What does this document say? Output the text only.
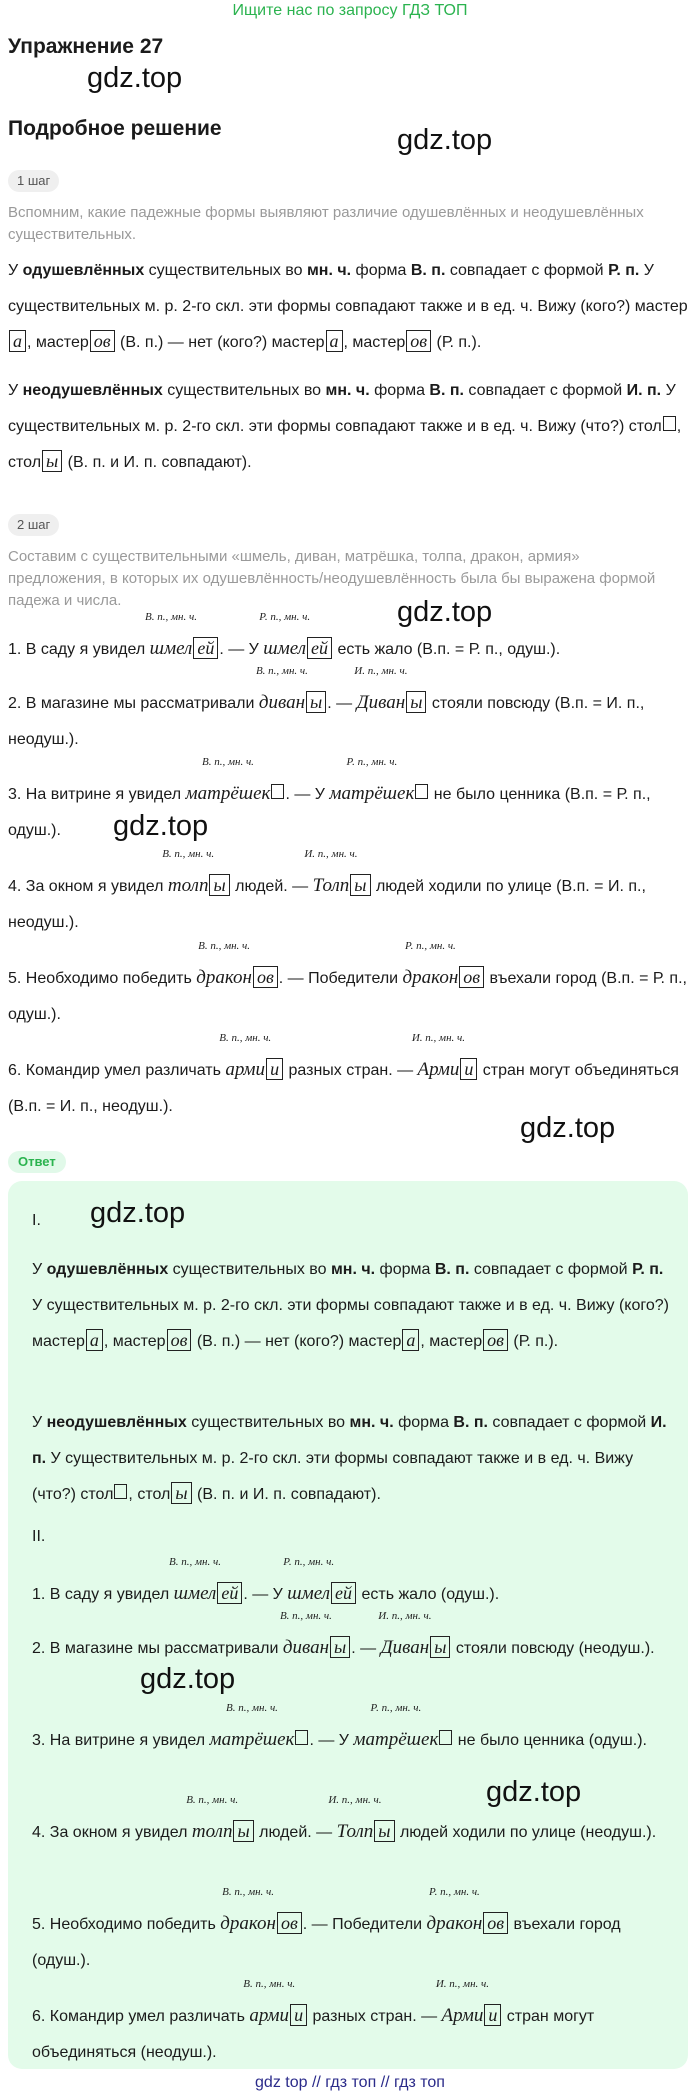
Ищите нас по запросу ГДЗ ТОП
Упражнение 27
gdz.top
Подробное решение	gdz.top
1 шаг
Вспомним, какие падежные формы выявляют различие одушевлённых и неодушевлённых существительных.
У одушевлённых существительных во мн. ч. форма В. п. совпадает с формой Р. п. У существительных м. р. 2-го скл. эти формы совпадают также и в ед. ч. Вижу (кого?) мастера , мастер ов (В. п.) — нет (кого?) мастер а , мастер ов (Р. п.).
У неодушевлённых существительных во мн. ч. форма В. п. совпадает с формой И. п. У существительных м. р. 2-го скл. эти формы совпадают также и в ед. ч. Вижу (что?) стол , стол ы (В. п. и И. п. совпадают).
2 шаг
Составим с существительными «шмель, диван, матрёшка, толпа, дракон, армия» предложения, в которых их одушевлённость/неодушевлённость была бы выражена формой падежа и числа.	gdz.top
1. В саду я увидел
В. п., мн. ч.
шмел ей . — У
Р. п., мн. ч.
шмел ей есть жало (В.п. = Р. п., одуш.).
2. В магазине мы рассматривали
В. п., мн. ч.
диван ы . —
И. п., мн. ч.
Диван ы стояли повсюду (В.п. = И. п., неодуш.).
3. На витрине я увидел
В. п., мн. ч.
матрёшек . — У
Р. п., мн. ч.
матрёшек не было ценника (В.п. = Р. п., одуш.).	gdz.top
4. За окном я увидел
В. п., мн. ч.
толп ы людей. —
И. п., мн. ч.
Толп ы людей ходили по улице (В.п. = И. п., неодуш.).
5. Необходимо победить
В. п., мн. ч.
дракон ов . — Победители
Р. п., мн. ч.
дракон ов въехали город (В.п. = Р. п., одуш.).
6. Командир умел различать
В. п., мн. ч.
арми и разных стран. —
И. п., мн. ч.
Арми и стран могут объединяться (В.п. = И. п., неодуш.).
gdz.top
Ответ
I. gdz.top
У одушевлённых существительных во мн. ч. форма В. п. совпадает с формой Р. п. У существительных м. р. 2-го скл. эти формы совпадают также и в ед. ч. Вижу (кого?) мастер а , мастер ов (В. п.) — нет (кого?) мастер а , мастер ов (Р. п.).
У неодушевлённых существительных во мн. ч. форма В. п. совпадает с формой И. п. У существительных м. р. 2-го скл. эти формы совпадают также и в ед. ч. Вижу (что?) стол , стол ы (В. п. и И. п. совпадают).
II.
1. В саду я увидел
В. п., мн. ч.
шмел ей . — У
Р. п., мн. ч.
шмел ей есть жало (одуш.).
2. В магазине мы рассматривали
В. п., мн. ч.
диван ы . —
И. п., мн. ч.
Диван ы стояли повсюду (неодуш.).
gdz.top
3. На витрине я увидел
В. п., мн. ч.
матрёшек . — У
Р. п., мн. ч.
матрёшек не было ценника (одуш.).
gdz.top
4. За окном я увидел
В. п., мн. ч.
толп ы людей. —
И. п., мн. ч.
Толп ы людей ходили по улице (неодуш.).
5. Необходимо победить
В. п., мн. ч.
дракон ов . — Победители
Р. п., мн. ч.
дракон ов въехали город (одуш.).
6. Командир умел различать
В. п., мн. ч.
арми и разных стран. —
И. п., мн. ч.
Арми и стран могут объединяться (неодуш.).
gdz top // гдз топ // гдз топ
